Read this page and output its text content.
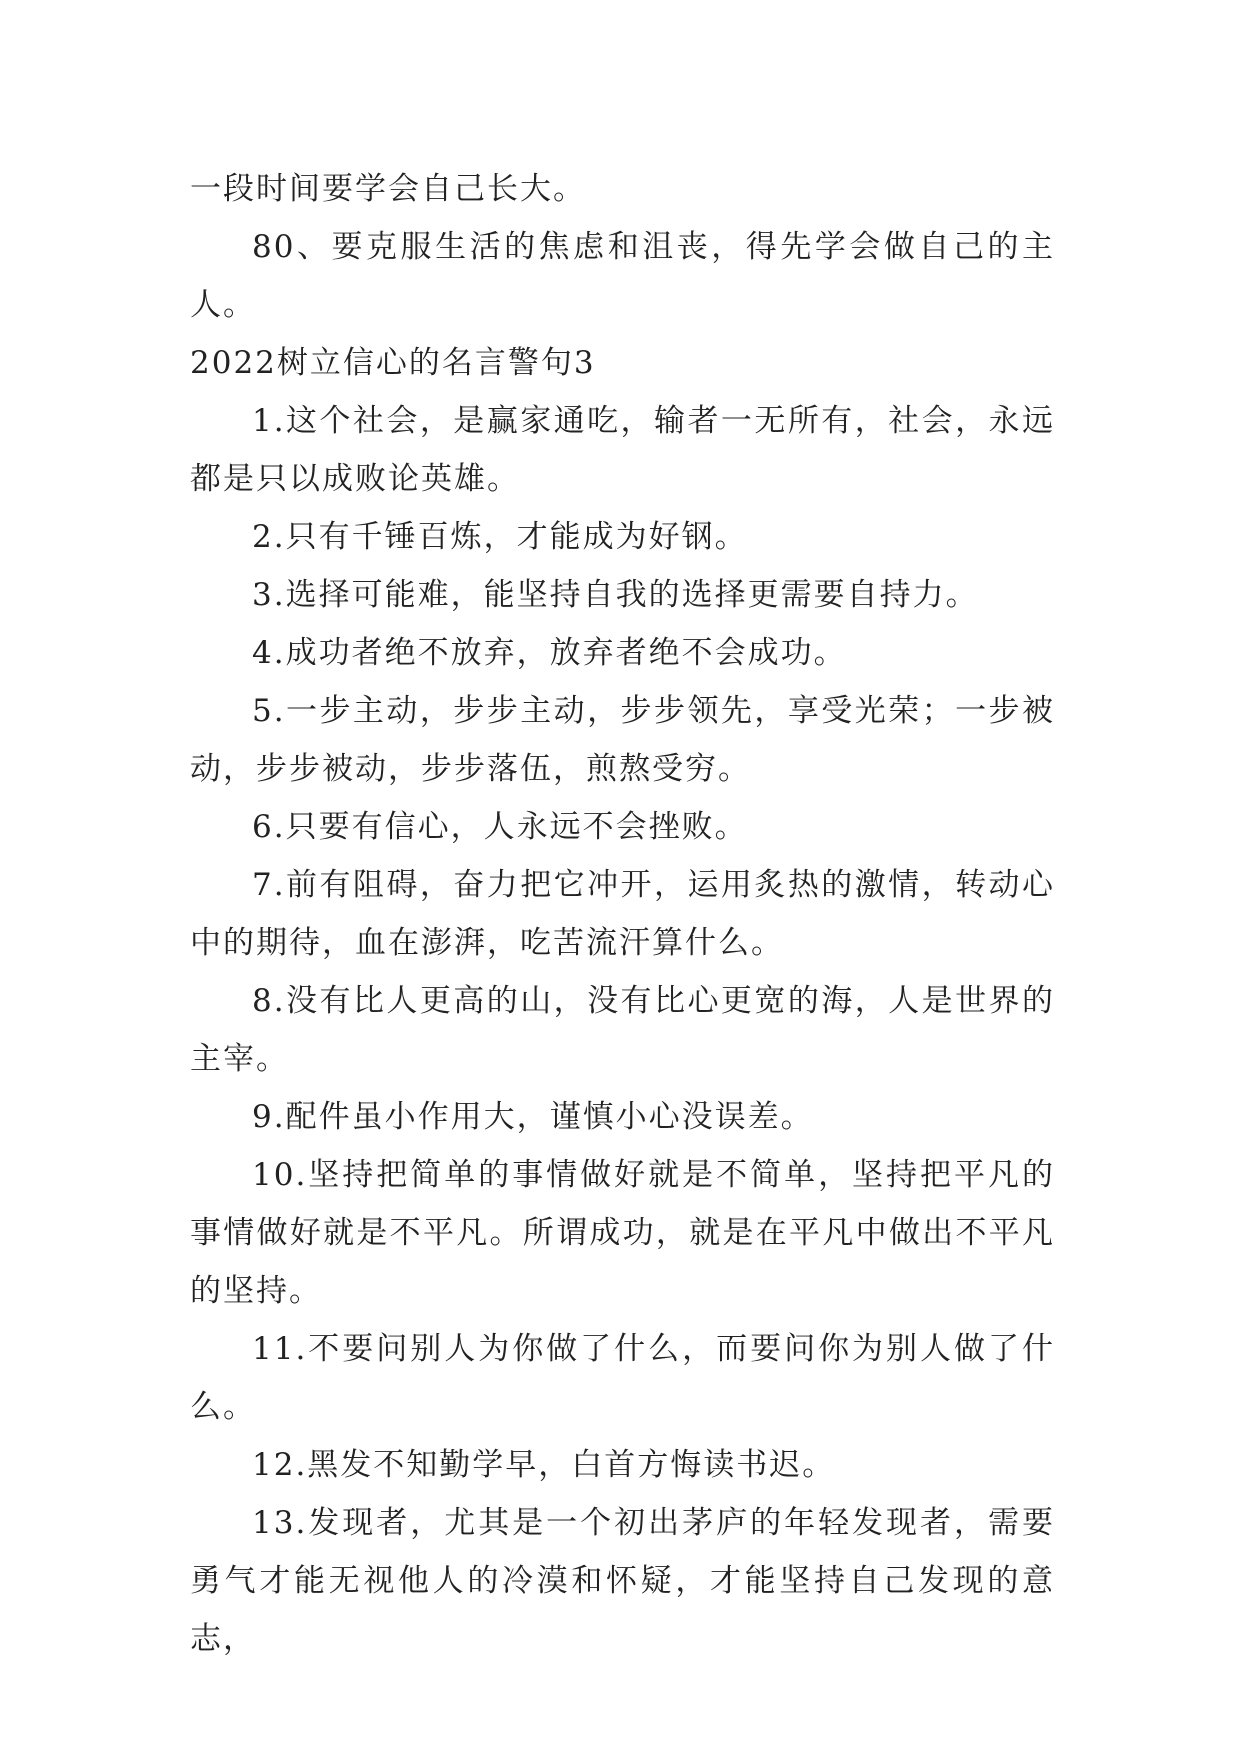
一段时间要学会自己长大。

80、要克服生活的焦虑和沮丧，得先学会做自己的主人。

2022树立信心的名言警句3

1.这个社会，是赢家通吃，输者一无所有，社会，永远都是只以成败论英雄。

2.只有千锤百炼，才能成为好钢。

3.选择可能难，能坚持自我的选择更需要自持力。

4.成功者绝不放弃，放弃者绝不会成功。

5.一步主动，步步主动，步步领先，享受光荣；一步被动，步步被动，步步落伍，煎熬受穷。

6.只要有信心，人永远不会挫败。

7.前有阻碍，奋力把它冲开，运用炙热的激情，转动心中的期待，血在澎湃，吃苦流汗算什么。

8.没有比人更高的山，没有比心更宽的海，人是世界的主宰。

9.配件虽小作用大，谨慎小心没误差。

10.坚持把简单的事情做好就是不简单，坚持把平凡的事情做好就是不平凡。所谓成功，就是在平凡中做出不平凡的坚持。

11.不要问别人为你做了什么，而要问你为别人做了什么。

12.黑发不知勤学早，白首方悔读书迟。

13.发现者，尤其是一个初出茅庐的年轻发现者，需要勇气才能无视他人的冷漠和怀疑，才能坚持自己发现的意志，
